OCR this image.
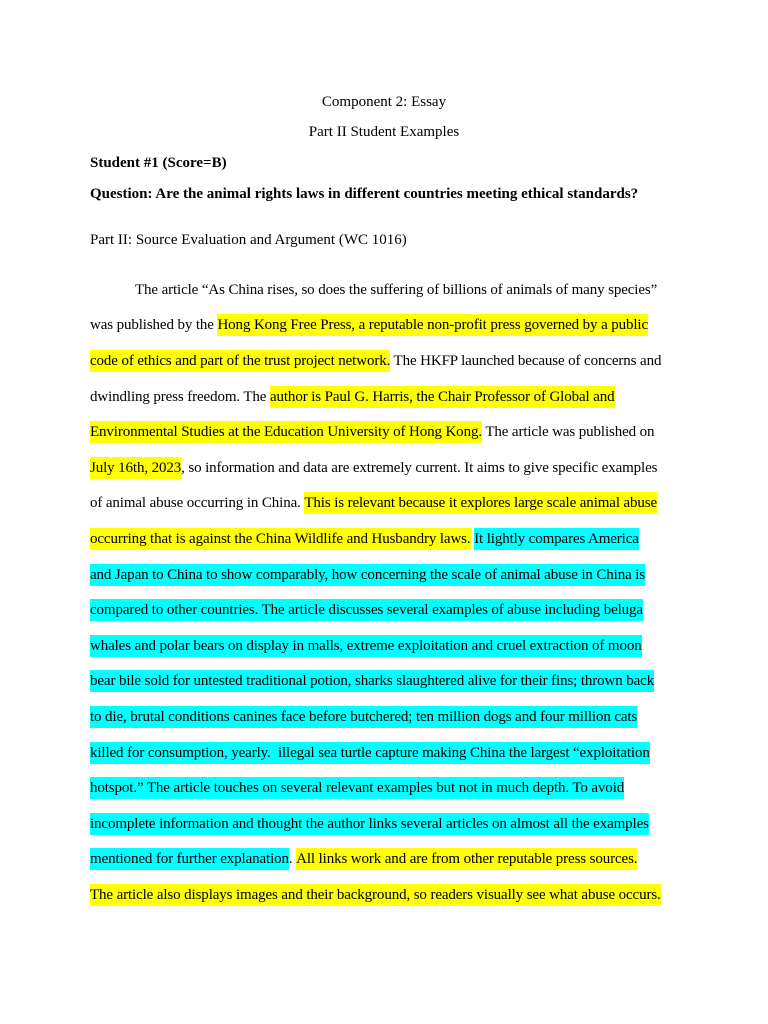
Component 2: Essay
Part II Student Examples
Student #1 (Score=B)
Question: Are the animal rights laws in different countries meeting ethical standards?
Part II: Source Evaluation and Argument (WC 1016)
The article “As China rises, so does the suffering of billions of animals of many species”
was published by the Hong Kong Free Press, a reputable non-profit press governed by a public
code of ethics and part of the trust project network. The HKFP launched because of concerns and
dwindling press freedom. The author is Paul G. Harris, the Chair Professor of Global and
Environmental Studies at the Education University of Hong Kong. The article was published on
July 16th, 2023 , so information and data are extremely current. It aims to give specific examples
of animal abuse occurring in China. This is relevant because it explores large scale animal abuse
occurring that is against the China Wildlife and Husbandry laws.
It lightly compares America
and Japan to China to show comparably, how concerning the scale of animal abuse in China is
compared to other countries. The article discusses several examples of abuse including beluga
whales and polar bears on display in malls, extreme exploitation and cruel extraction of moon
bear bile sold for untested traditional potion, sharks slaughtered alive for their fins; thrown back
to die, brutal conditions canines face before butchered; ten million dogs and four million cats
killed for consumption, yearly.  illegal sea turtle capture making China the largest “exploitation
hotspot.” The article touches on several relevant examples but not in much depth. To avoid
incomplete information and thought the author links several articles on almost all the examples
mentioned for further explanation . All links work and are from other reputable press sources.
The article also displays images and their background, so readers visually see what abuse occurs.
